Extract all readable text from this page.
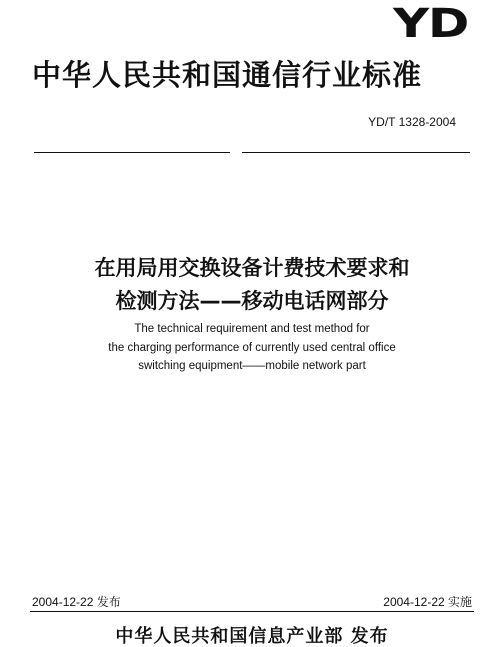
YD
中华人民共和国通信行业标准
YD/T 1328-2004
在用局用交换设备计费技术要求和
检测方法——移动电话网部分
The technical requirement and test method for
the charging performance of currently used central office
switching equipment——mobile network part
2004-12-22 发布	2004-12-22 实施
中华人民共和国信息产业部 发布
